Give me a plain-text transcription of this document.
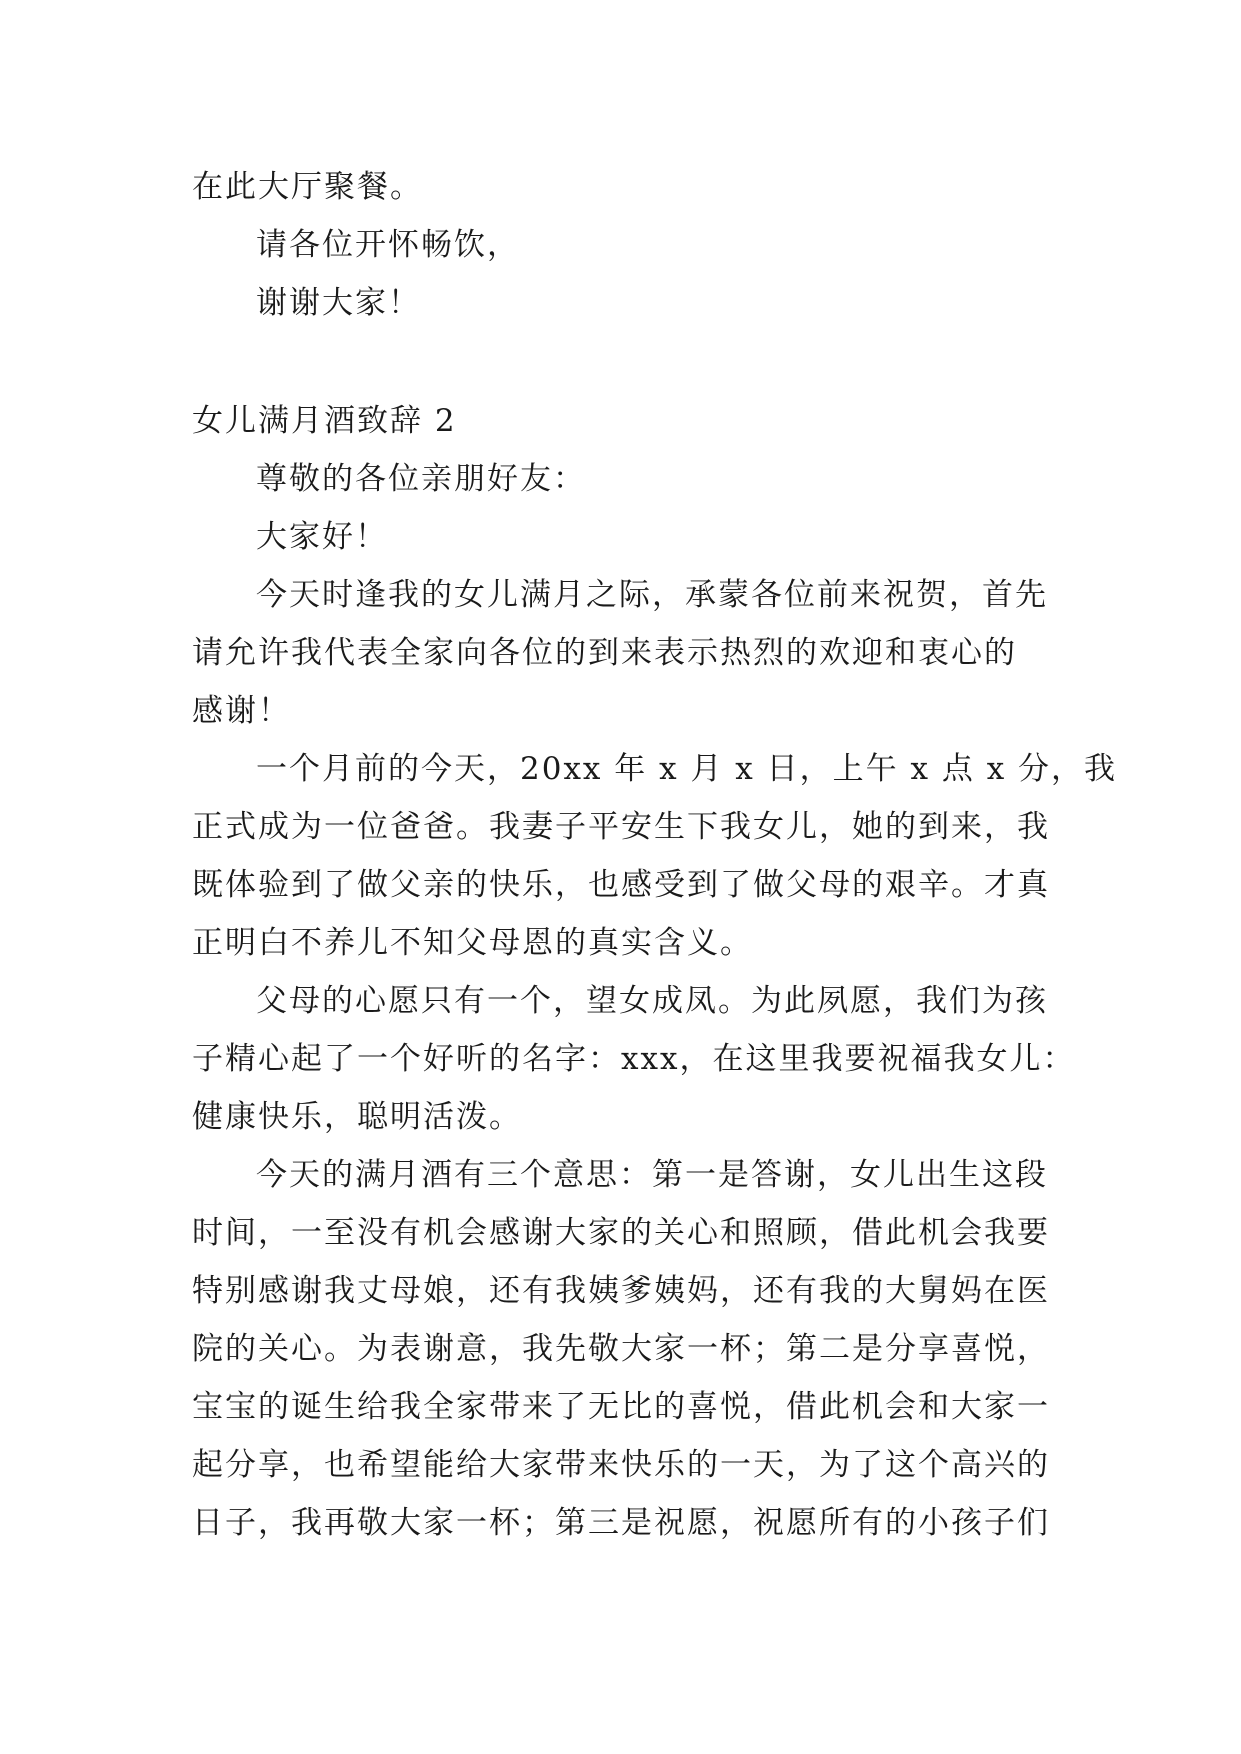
在此大厅聚餐。
请各位开怀畅饮，
谢谢大家！
女儿满月酒致辞 2
尊敬的各位亲朋好友：
大家好！
今天时逢我的女儿满月之际，承蒙各位前来祝贺，首先
请允许我代表全家向各位的到来表示热烈的欢迎和衷心的
感谢！
一个月前的今天，20xx 年 x 月 x 日，上午 x 点 x 分，我
正式成为一位爸爸。我妻子平安生下我女儿，她的到来，我
既体验到了做父亲的快乐，也感受到了做父母的艰辛。才真
正明白不养儿不知父母恩的真实含义。
父母的心愿只有一个，望女成凤。为此夙愿，我们为孩
子精心起了一个好听的名字：xxx，在这里我要祝福我女儿：
健康快乐，聪明活泼。
今天的满月酒有三个意思：第一是答谢，女儿出生这段
时间，一至没有机会感谢大家的关心和照顾，借此机会我要
特别感谢我丈母娘，还有我姨爹姨妈，还有我的大舅妈在医
院的关心。为表谢意，我先敬大家一杯；第二是分享喜悦，
宝宝的诞生给我全家带来了无比的喜悦，借此机会和大家一
起分享，也希望能给大家带来快乐的一天，为了这个高兴的
日子，我再敬大家一杯；第三是祝愿，祝愿所有的小孩子们
